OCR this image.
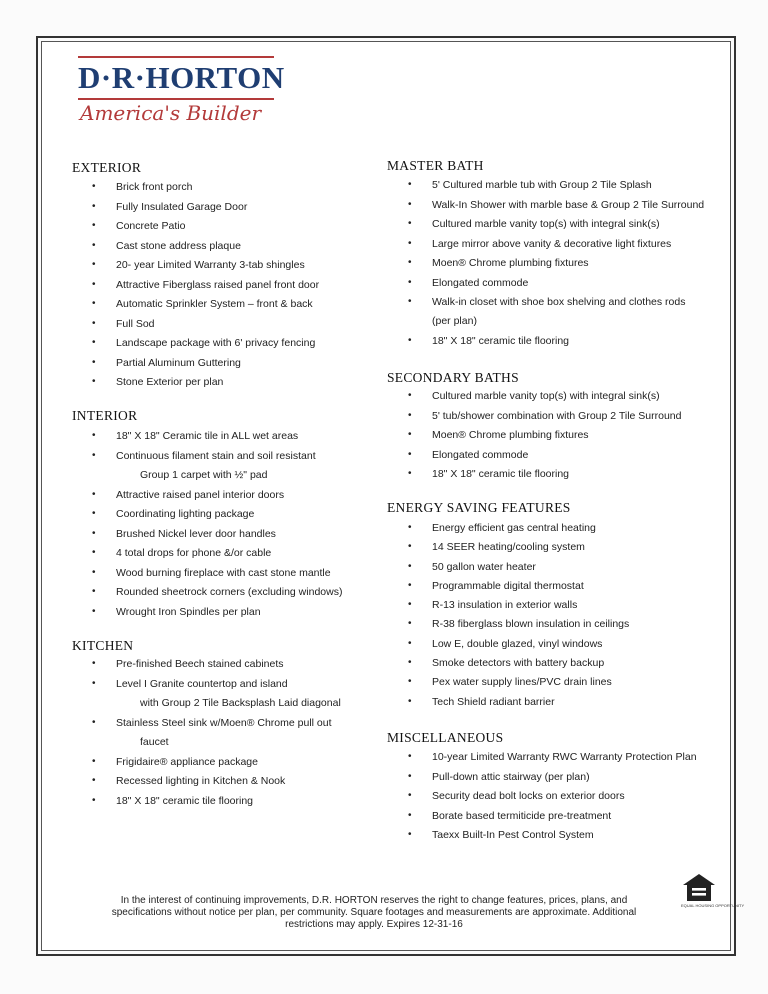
D·R·HORTON
America's Builder
EXTERIOR
• Brick front porch
• Fully Insulated Garage Door
• Concrete Patio
• Cast stone address plaque
• 20- year Limited Warranty 3-tab shingles
• Attractive Fiberglass raised panel front door
• Automatic Sprinkler System – front & back
• Full Sod
• Landscape package with 6' privacy fencing
• Partial Aluminum Guttering
• Stone Exterior per plan
INTERIOR
• 18" X 18" Ceramic tile in ALL wet areas
• Continuous filament stain and soil resistant
Group 1 carpet with ½" pad
• Attractive raised panel interior doors
• Coordinating lighting package
• Brushed Nickel lever door handles
• 4 total drops for phone &/or cable
• Wood burning fireplace with cast stone mantle
• Rounded sheetrock corners (excluding windows)
• Wrought Iron Spindles per plan
KITCHEN
• Pre-finished Beech stained cabinets
• Level I Granite countertop and island
with Group 2 Tile Backsplash Laid diagonal
• Stainless Steel sink w/Moen® Chrome pull out
faucet
• Frigidaire® appliance package
• Recessed lighting in Kitchen & Nook
• 18" X 18" ceramic tile flooring
MASTER BATH
• 5' Cultured marble tub with Group 2 Tile Splash
• Walk-In Shower with marble base & Group 2 Tile Surround
• Cultured marble vanity top(s) with integral sink(s)
• Large mirror above vanity & decorative light fixtures
• Moen® Chrome plumbing fixtures
• Elongated commode
• Walk-in closet with shoe box shelving and clothes rods
(per plan)
• 18" X 18" ceramic tile flooring
SECONDARY BATHS
• Cultured marble vanity top(s) with integral sink(s)
• 5' tub/shower combination with Group 2 Tile Surround
• Moen® Chrome plumbing fixtures
• Elongated commode
• 18" X 18" ceramic tile flooring
ENERGY SAVING FEATURES
• Energy efficient gas central heating
• 14 SEER heating/cooling system
• 50 gallon water heater
• Programmable digital thermostat
• R-13 insulation in exterior walls
• R-38 fiberglass blown insulation in ceilings
• Low E, double glazed, vinyl windows
• Smoke detectors with battery backup
• Pex water supply lines/PVC drain lines
• Tech Shield radiant barrier
MISCELLANEOUS
• 10-year Limited Warranty RWC Warranty Protection Plan
• Pull-down attic stairway (per plan)
• Security dead bolt locks on exterior doors
• Borate based termiticide pre-treatment
• Taexx Built-In Pest Control System
In the interest of continuing improvements, D.R. HORTON reserves the right to change features, prices, plans, and
specifications without notice per plan, per community. Square footages and measurements are approximate. Additional
restrictions may apply. Expires 12-31-16
EQUAL HOUSING OPPORTUNITY
